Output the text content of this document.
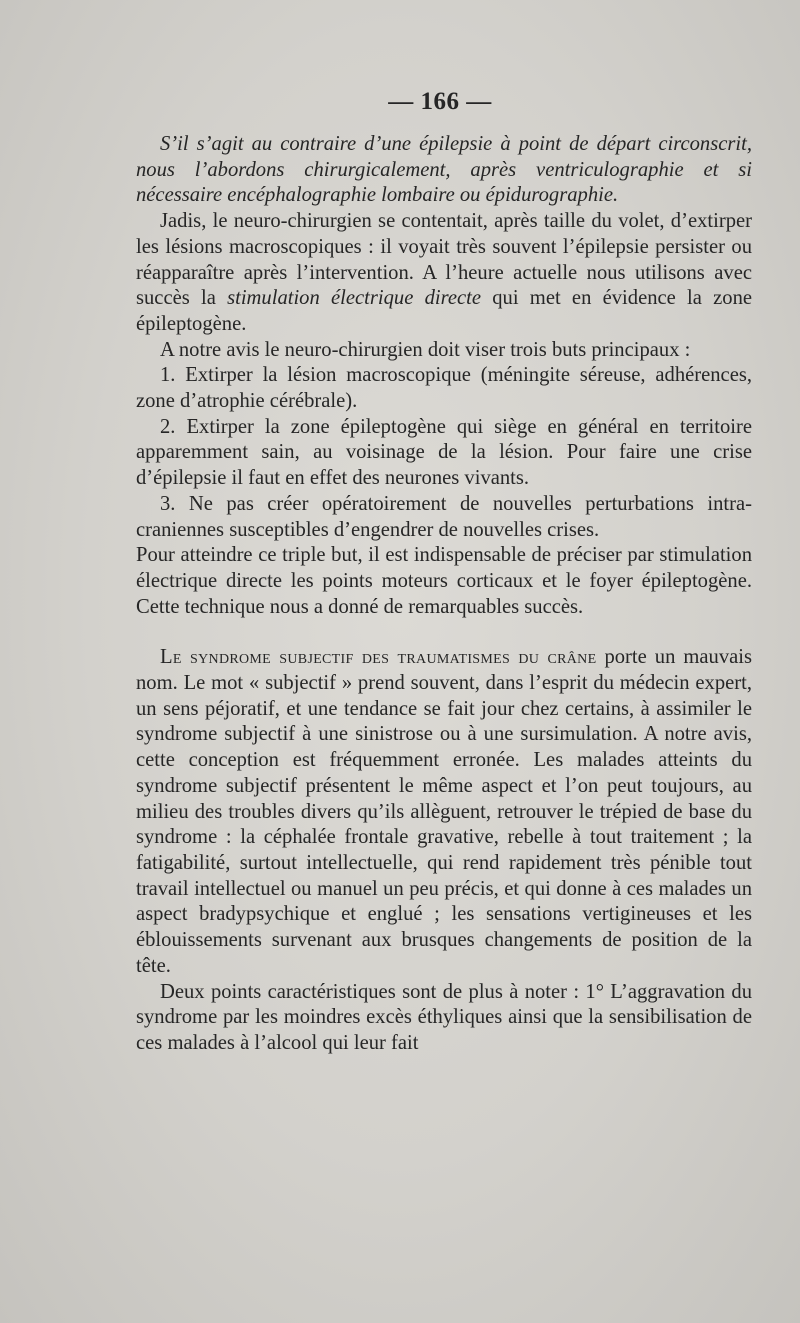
— 166 —

S’il s’agit au contraire d’une épilepsie à point de départ circonscrit, nous l’abordons chirurgicalement, après ventriculographie et si nécessaire encéphalographie lombaire ou épidurographie.

Jadis, le neuro-chirurgien se contentait, après taille du volet, d’extirper les lésions macroscopiques : il voyait très souvent l’épilepsie persister ou réapparaître après l’intervention. A l’heure actuelle nous utilisons avec succès la stimulation électrique directe qui met en évidence la zone épileptogène.

A notre avis le neuro-chirurgien doit viser trois buts principaux :

1. Extirper la lésion macroscopique (méningite séreuse, adhérences, zone d’atrophie cérébrale).

2. Extirper la zone épileptogène qui siège en général en territoire apparemment sain, au voisinage de la lésion. Pour faire une crise d’épilepsie il faut en effet des neurones vivants.

3. Ne pas créer opératoirement de nouvelles perturbations intra-craniennes susceptibles d’engendrer de nouvelles crises.

Pour atteindre ce triple but, il est indispensable de préciser par stimulation électrique directe les points moteurs corticaux et le foyer épileptogène. Cette technique nous a donné de remarquables succès.

Le syndrome subjectif des traumatismes du crâne porte un mauvais nom. Le mot « subjectif » prend souvent, dans l’esprit du médecin expert, un sens péjoratif, et une tendance se fait jour chez certains, à assimiler le syndrome subjectif à une sinistrose ou à une sursimulation. A notre avis, cette conception est fréquemment erronée. Les malades atteints du syndrome subjectif présentent le même aspect et l’on peut toujours, au milieu des troubles divers qu’ils allèguent, retrouver le trépied de base du syndrome : la céphalée frontale gravative, rebelle à tout traitement ; la fatigabilité, surtout intellectuelle, qui rend rapidement très pénible tout travail intellectuel ou manuel un peu précis, et qui donne à ces malades un aspect bradypsychique et englué ; les sensations vertigineuses et les éblouissements survenant aux brusques changements de position de la tête.

Deux points caractéristiques sont de plus à noter : 1° L’aggravation du syndrome par les moindres excès éthyliques ainsi que la sensibilisation de ces malades à l’alcool qui leur fait
